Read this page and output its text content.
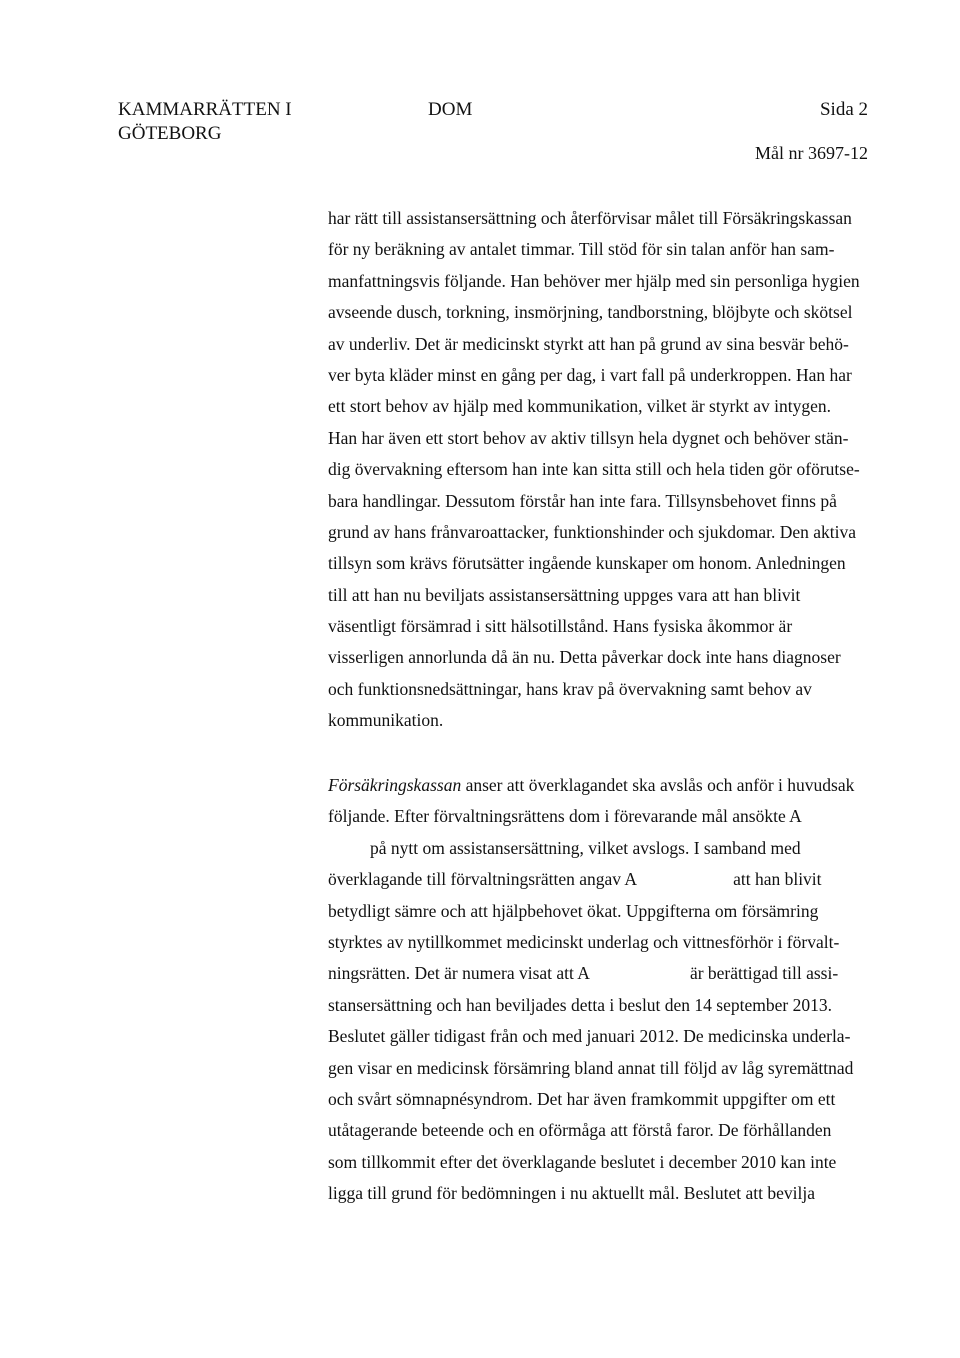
KAMMARRÄTTEN I
GÖTEBORG
DOM	Sida 2
Mål nr 3697-12
har rätt till assistansersättning och återförvisar målet till Försäkringskassan
för ny beräkning av antalet timmar. Till stöd för sin talan anför han sam-
manfattningsvis följande. Han behöver mer hjälp med sin personliga hygien
avseende dusch, torkning, insmörjning, tandborstning, blöjbyte och skötsel
av underliv. Det är medicinskt styrkt att han på grund av sina besvär behö-
ver byta kläder minst en gång per dag, i vart fall på underkroppen. Han har
ett stort behov av hjälp med kommunikation, vilket är styrkt av intygen.
Han har även ett stort behov av aktiv tillsyn hela dygnet och behöver stän-
dig övervakning eftersom han inte kan sitta still och hela tiden gör oförutse-
bara handlingar. Dessutom förstår han inte fara. Tillsynsbehovet finns på
grund av hans frånvaroattacker, funktionshinder och sjukdomar. Den aktiva
tillsyn som krävs förutsätter ingående kunskaper om honom. Anledningen
till att han nu beviljats assistansersättning uppges vara att han blivit
väsentligt försämrad i sitt hälsotillstånd. Hans fysiska åkommor är
visserligen annorlunda då än nu. Detta påverkar dock inte hans diagnoser
och funktionsnedsättningar, hans krav på övervakning samt behov av
kommunikation.
Försäkringskassan anser att överklagandet ska avslås och anför i huvudsak
följande. Efter förvaltningsrättens dom i förevarande mål ansökte A
på nytt om assistansersättning, vilket avslogs. I samband med
överklagande till förvaltningsrätten angav A	att han blivit
betydligt sämre och att hjälpbehovet ökat. Uppgifterna om försämring
styrktes av nytillkommet medicinskt underlag och vittnesförhör i förvalt-
ningsrätten. Det är numera visat att A	är berättigad till assi-
stansersättning och han beviljades detta i beslut den 14 september 2013.
Beslutet gäller tidigast från och med januari 2012. De medicinska underla-
gen visar en medicinsk försämring bland annat till följd av låg syremättnad
och svårt sömnapnésyndrom. Det har även framkommit uppgifter om ett
utåtagerande beteende och en oförmåga att förstå faror. De förhållanden
som tillkommit efter det överklagande beslutet i december 2010 kan inte
ligga till grund för bedömningen i nu aktuellt mål. Beslutet att bevilja
